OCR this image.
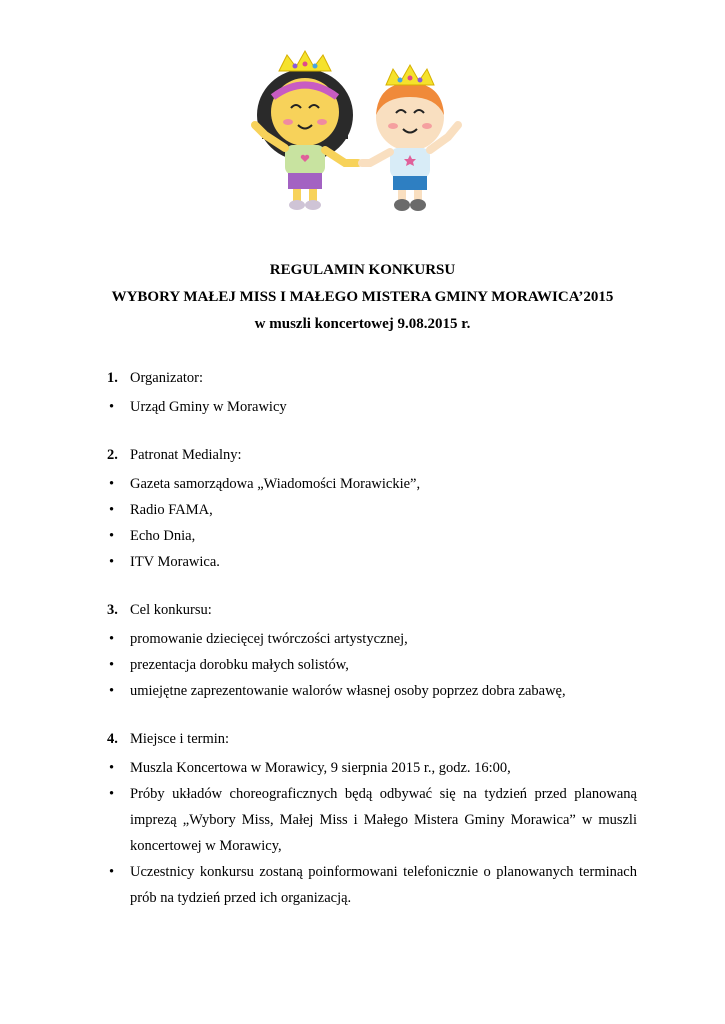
REGULAMIN KONKURSU
WYBORY MAŁEJ MISS I MAŁEGO MISTERA GMINY MORAWICA’2015
w muszli koncertowej 9.08.2015 r.
1. Organizator:
• Urząd Gminy w Morawicy
2. Patronat Medialny:
• Gazeta samorządowa „Wiadomości Morawickie”,
• Radio FAMA,
• Echo Dnia,
• ITV Morawica.
3. Cel konkursu:
• promowanie dziecięcej twórczości artystycznej,
• prezentacja dorobku małych solistów,
• umiejętne zaprezentowanie walorów własnej osoby poprzez dobra zabawę,
4. Miejsce i termin:
• Muszla Koncertowa w Morawicy, 9 sierpnia 2015 r., godz. 16:00,
• Próby układów choreograficznych będą odbywać się na tydzień przed planowaną imprezą „Wybory Miss, Małej Miss i Małego Mistera Gminy Morawica” w muszli koncertowej w Morawicy,
• Uczestnicy konkursu zostaną poinformowani telefonicznie o planowanych terminach prób na tydzień przed ich organizacją.
